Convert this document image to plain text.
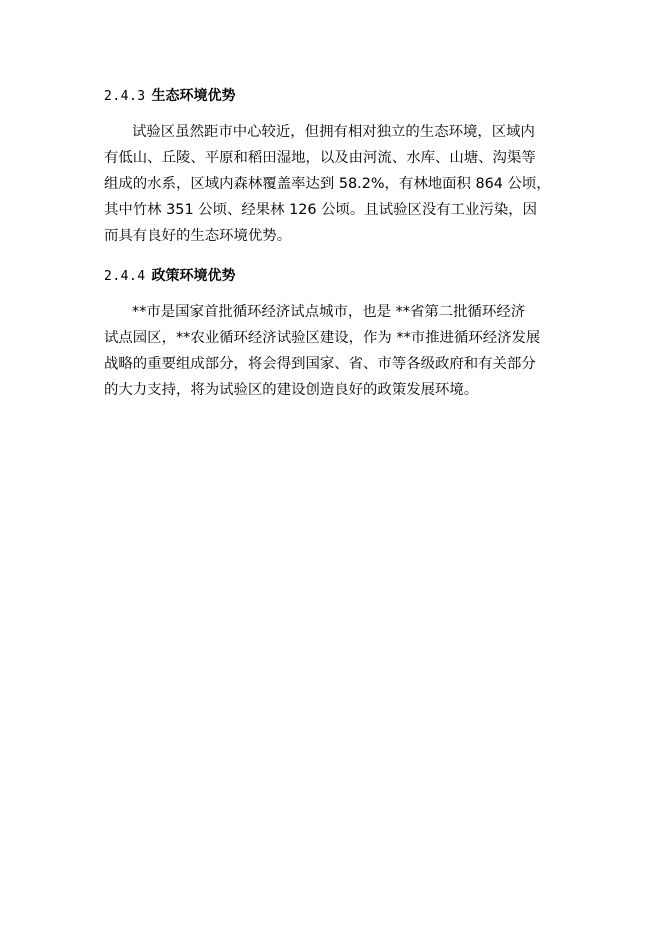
2.4.3 生态环境优势

试验区虽然距市中心较近，但拥有相对独立的生态环境，区域内
有低山、丘陵、平原和稻田湿地，以及由河流、水库、山塘、沟渠等
组成的水系，区域内森林覆盖率达到 58.2%，有林地面积 864 公顷，
其中竹林 351 公顷、经果林 126 公顷。且试验区没有工业污染，因
而具有良好的生态环境优势。

2.4.4 政策环境优势

**市是国家首批循环经济试点城市，也是 **省第二批循环经济
试点园区，**农业循环经济试验区建设，作为 **市推进循环经济发展
战略的重要组成部分，将会得到国家、省、市等各级政府和有关部分
的大力支持，将为试验区的建设创造良好的政策发展环境。
